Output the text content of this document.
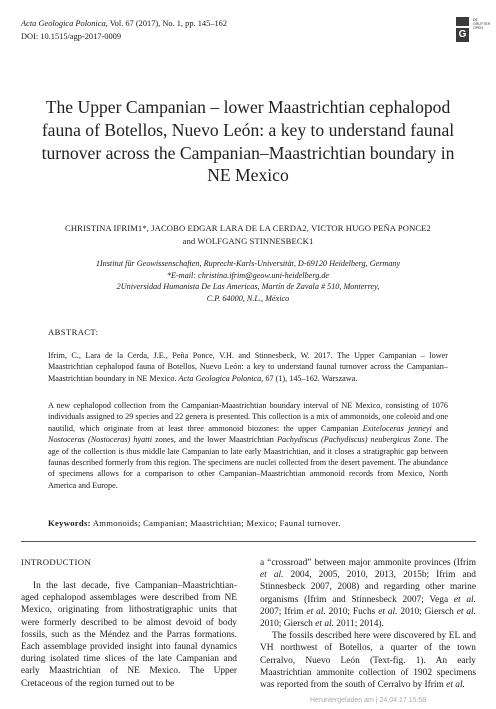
Acta Geologica Polonica, Vol. 67 (2017), No. 1, pp. 145–162
DOI: 10.1515/agp-2017-0009	G
DE GRUYTER OPEN
The Upper Campanian – lower Maastrichtian cephalopod fauna of Botellos, Nuevo León: a key to understand faunal turnover across the Campanian–Maastrichtian boundary in NE Mexico
CHRISTINA IFRIM1*, JACOBO EDGAR LARA DE LA CERDA2, VICTOR HUGO PEÑA PONCE2
and WOLFGANG STINNESBECK1
1Institut für Geowissenschaften, Ruprecht-Karls-Universität, D-69120 Heidelberg, Germany
*E-mail: christina.ifrim@geow.uni-heidelberg.de
2Universidad Humanista De Las Americas, Martín de Zavala # 510, Monterrey,
C.P. 64000, N.L., México
ABSTRACT:
Ifrim, C., Lara de la Cerda, J.E., Peña Ponce, V.H. and Stinnesbeck, W. 2017. The Upper Campanian – lower Maastrichtian cephalopod fauna of Botellos, Nuevo León: a key to understand faunal turnover across the Campanian–Maastrichtian boundary in NE Mexico. Acta Geologica Polonica, 67 (1), 145–162. Warszawa.
A new cephalopod collection from the Campanian-Maastrichtian boundary interval of NE Mexico, consisting of 1076 individuals assigned to 29 species and 22 genera is presented. This collection is a mix of ammonoids, one coleoid and one nautilid, which originate from at least three ammonoid biozones: the upper Campanian Exiteloceras jenneyi and Nostoceras (Nostoceras) hyatti zones, and the lower Maastrichtian Pachydiscus (Pachydiscus) neubergicus Zone. The age of the collection is thus middle late Campanian to late early Maastrichtian, and it closes a stratigraphic gap between faunas described formerly from this region. The specimens are nuclei collected from the desert pavement. The abundance of specimens allows for a comparison to other Campanian–Maastrichtian ammonoid records from Mexico, North America and Europe.
Keywords: Ammonoids; Campanian; Maastrichtian; Mexico; Faunal turnover.
INTRODUCTION

In the last decade, five Campanian–Maastrichtian-aged cephalopod assemblages were described from NE Mexico, originating from lithostratigraphic units that were formerly described to be almost devoid of body fossils, such as the Méndez and the Parras formations. Each assemblage provided insight into faunal dynamics during isolated time slices of the late Campanian and early Maastrichtian of NE Mexico. The Upper Cretaceous of the region turned out to be

a “crossroad” between major ammonite provinces (Ifrim et al. 2004, 2005, 2010, 2013, 2015b; Ifrim and Stinnesbeck 2007, 2008) and regarding other marine organisms (Ifrim and Stinnesbeck 2007; Vega et al. 2007; Ifrim et al. 2010; Fuchs et al. 2010; Giersch et al. 2010; Giersch et al. 2011; 2014).

The fossils described here were discovered by EL and VH northwest of Botellos, a quarter of the town Cerralvo, Nuevo León (Text-fig. 1). An early Maastrichtian ammonite collection of 1902 specimens was reported from the south of Cerralvo by Ifrim et al.

Heruntergeladen am | 24.04.17 15:58
